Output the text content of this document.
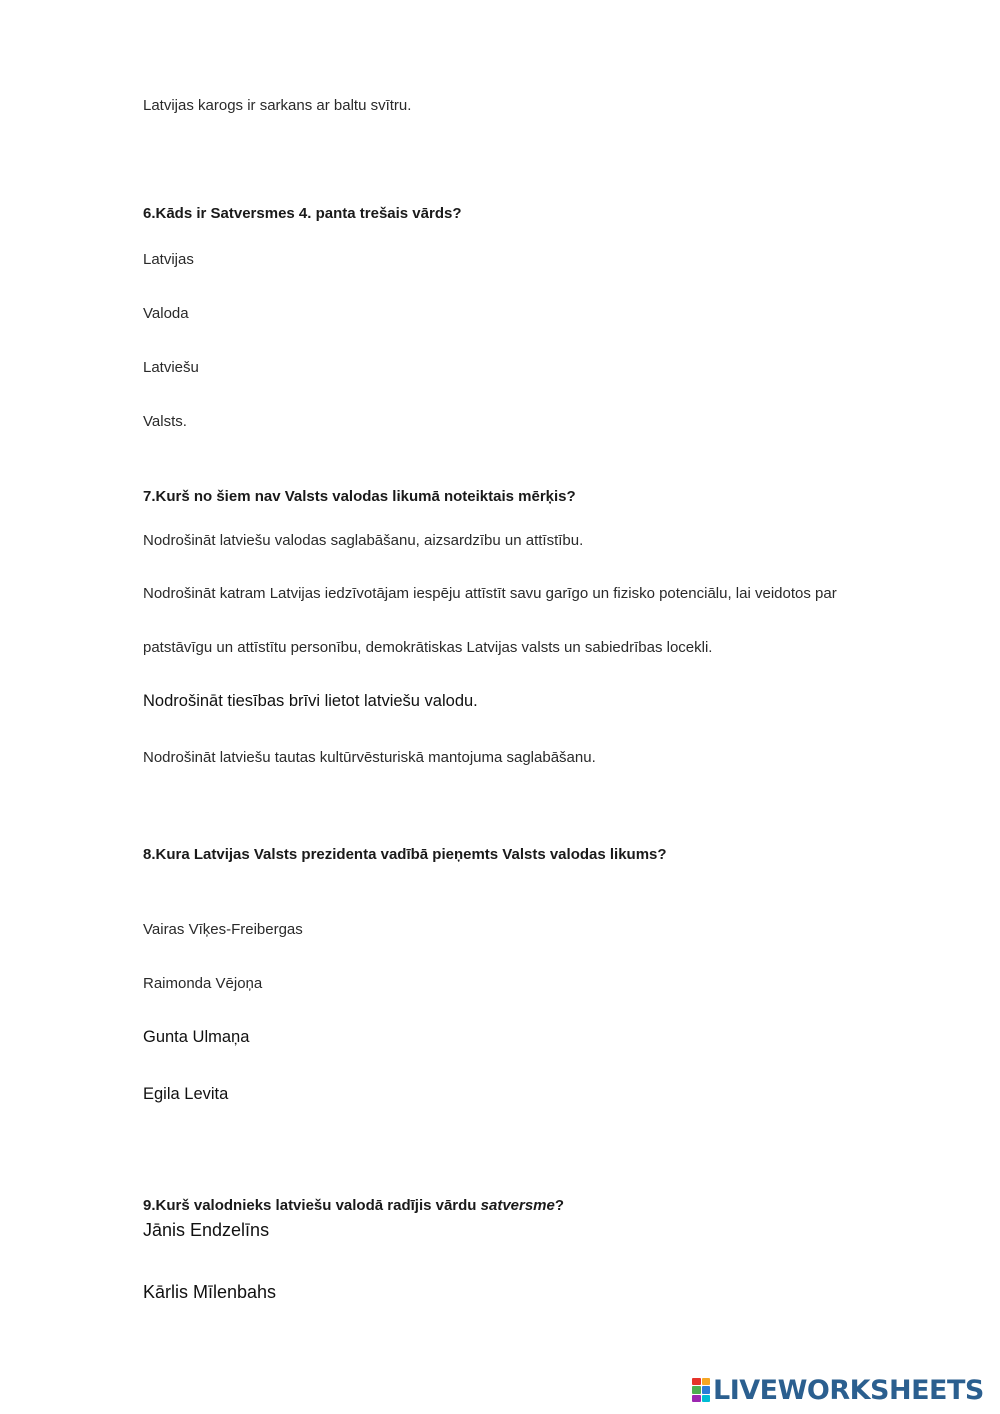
Latvijas karogs ir sarkans ar baltu svītru.
6.Kāds ir Satversmes 4. panta trešais vārds?
Latvijas
Valoda
Latviešu
Valsts.
7.Kurš no šiem nav Valsts valodas likumā noteiktais mērķis?
Nodrošināt latviešu valodas saglabāšanu, aizsardzību un attīstību.
Nodrošināt katram Latvijas iedzīvotājam iespēju attīstīt savu garīgo un fizisko potenciālu, lai veidotos par
patstāvīgu un attīstītu personību, demokrātiskas Latvijas valsts un sabiedrības locekli.
Nodrošināt tiesības brīvi lietot latviešu valodu.
Nodrošināt latviešu tautas kultūrvēsturiskā mantojuma saglabāšanu.
8.Kura Latvijas Valsts prezidenta vadībā pieņemts Valsts valodas likums?
Vairas Vīķes-Freibergas
Raimonda Vējoņa
Gunta Ulmaņa
Egila Levita
9.Kurš valodnieks latviešu valodā radījis vārdu satversme?
Jānis Endzelīns
Kārlis Mīlenbahs
LIVEWORKSHEETS
